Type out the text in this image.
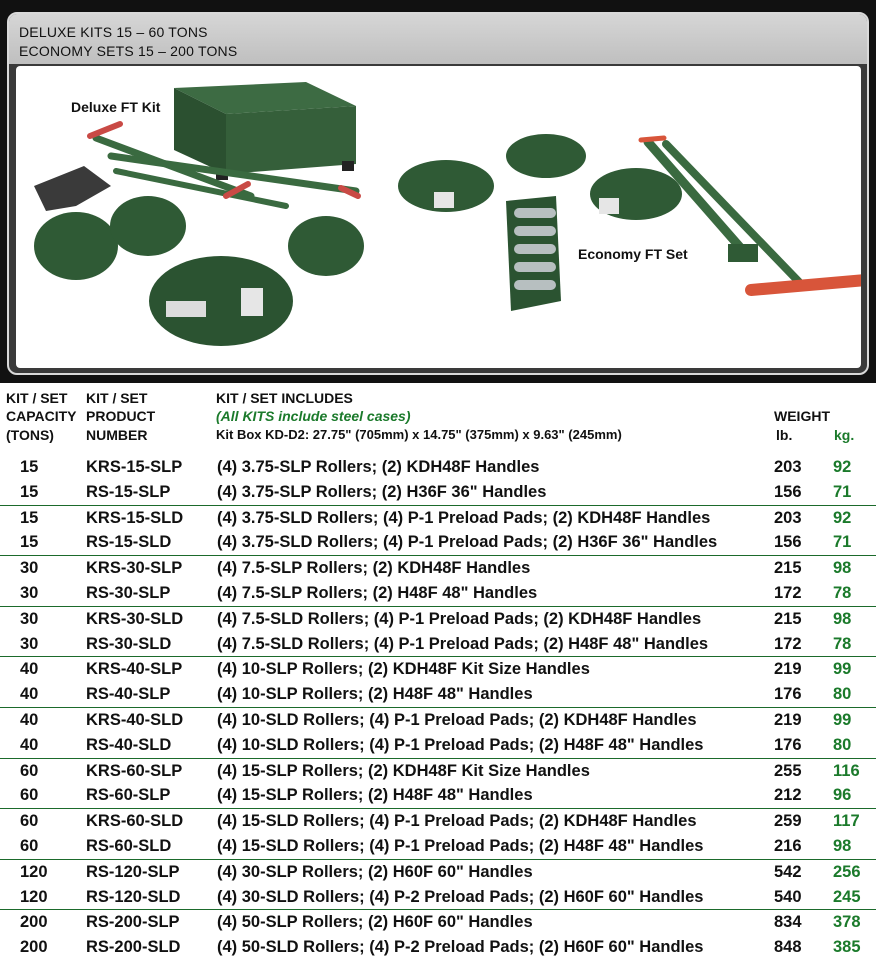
DELUXE KITS 15 – 60 TONS
ECONOMY SETS 15 – 200 TONS
Deluxe FT Kit
Economy FT Set
KIT / SET
CAPACITY
(TONS)
KIT / SET
PRODUCT
NUMBER
KIT / SET INCLUDES
(All KITS include steel cases)
Kit Box KD-D2: 27.75" (705mm) x 14.75" (375mm) x 9.63" (245mm)
WEIGHT
lb.	kg.
15	KRS-15-SLP (4) 3.75-SLP Rollers; (2) KDH48F Handles	203 92
15	RS-15-SLP	(4) 3.75-SLP Rollers; (2) H36F 36" Handles	156 71
15	KRS-15-SLD (4) 3.75-SLD Rollers; (4) P-1 Preload Pads; (2) KDH48F Handles	203 92
15	RS-15-SLD	(4) 3.75-SLD Rollers; (4) P-1 Preload Pads; (2) H36F 36" Handles	156 71
30	KRS-30-SLP (4) 7.5-SLP Rollers; (2) KDH48F Handles	215 98
30	RS-30-SLP	(4) 7.5-SLP Rollers; (2) H48F 48" Handles	172 78
30	KRS-30-SLD (4) 7.5-SLD Rollers; (4) P-1 Preload Pads; (2) KDH48F Handles	215 98
30	RS-30-SLD	(4) 7.5-SLD Rollers; (4) P-1 Preload Pads; (2) H48F 48" Handles	172 78
40	KRS-40-SLP (4) 10-SLP Rollers; (2) KDH48F Kit Size Handles	219 99
40	RS-40-SLP	(4) 10-SLP Rollers; (2) H48F 48" Handles	176 80
40	KRS-40-SLD (4) 10-SLD Rollers; (4) P-1 Preload Pads; (2) KDH48F Handles	219 99
40	RS-40-SLD	(4) 10-SLD Rollers; (4) P-1 Preload Pads; (2) H48F 48" Handles	176 80
60	KRS-60-SLP (4) 15-SLP Rollers; (2) KDH48F Kit Size Handles	255 116
60	RS-60-SLP	(4) 15-SLP Rollers; (2) H48F 48" Handles	212 96
60	KRS-60-SLD (4) 15-SLD Rollers; (4) P-1 Preload Pads; (2) KDH48F Handles	259 117
60	RS-60-SLD	(4) 15-SLD Rollers; (4) P-1 Preload Pads; (2) H48F 48" Handles	216 98
120 RS-120-SLP (4) 30-SLP Rollers; (2) H60F 60" Handles	542 256
120 RS-120-SLD (4) 30-SLD Rollers; (4) P-2 Preload Pads; (2) H60F 60" Handles	540 245
200 RS-200-SLP (4) 50-SLP Rollers; (2) H60F 60" Handles	834 378
200 RS-200-SLD (4) 50-SLD Rollers; (4) P-2 Preload Pads; (2) H60F 60" Handles	848 385
